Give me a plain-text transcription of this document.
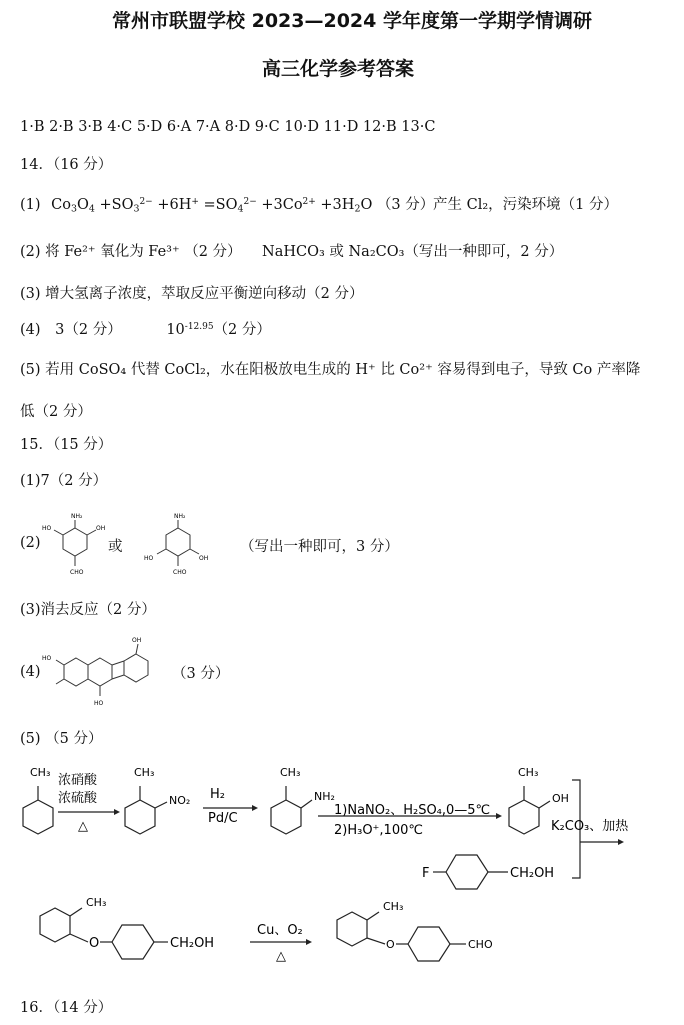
常州市联盟学校 2023—2024 学年度第一学期学情调研
高三化学参考答案
1·B 2·B 3·B 4·C 5·D 6·A 7·A 8·D 9·C 10·D 11·D 12·B 13·C
14．（16 分）
(1) $Co_3O_4 +SO_3^{2-} +6H^+ =SO_4^{2-} +3Co^{2+} +3H_2O$ （3 分）
产生 Cl₂，污染环境（1 分）
(2) 将 Fe²⁺ 氧化为 Fe³⁺ （2 分） NaHCO₃ 或 Na₂CO₃（写出一种即可，2 分）
(3) 增大氢离子浓度，萃取反应平衡逆向移动（2 分）
(4) 3（2 分）	$10^{-12.95}(2$ 分）
(5) 若用 CoSO₄ 代替 CoCl₂，水在阳极放电生成的 H⁺ 比 Co²⁺ 容易得到电子，导致 Co 产率降
低（2 分）
15．（15 分）
(1)7（2 分）
(2)	或	（写出一种即可，3 分）
NH₂
HO	OH
CHO
NH₂
HO	OH
CHO
(3)消去反应（2 分）
(4)	（3 分）
HO
OH
HO
(5) （5 分）
CH₃
浓硝酸
浓硫酸
△
CH₃
NO₂ H₂
Pd/C
CH₃
NH₂
1)NaNO₂、H₂SO₄,0—5℃
2)H₃O⁺,100℃
CH₃
OH
K₂CO₃、加热
F	CH₂OH
CH₃
O	CH₂OH
Cu、O₂
△
CH₃
O	CHO
16．（14 分）
